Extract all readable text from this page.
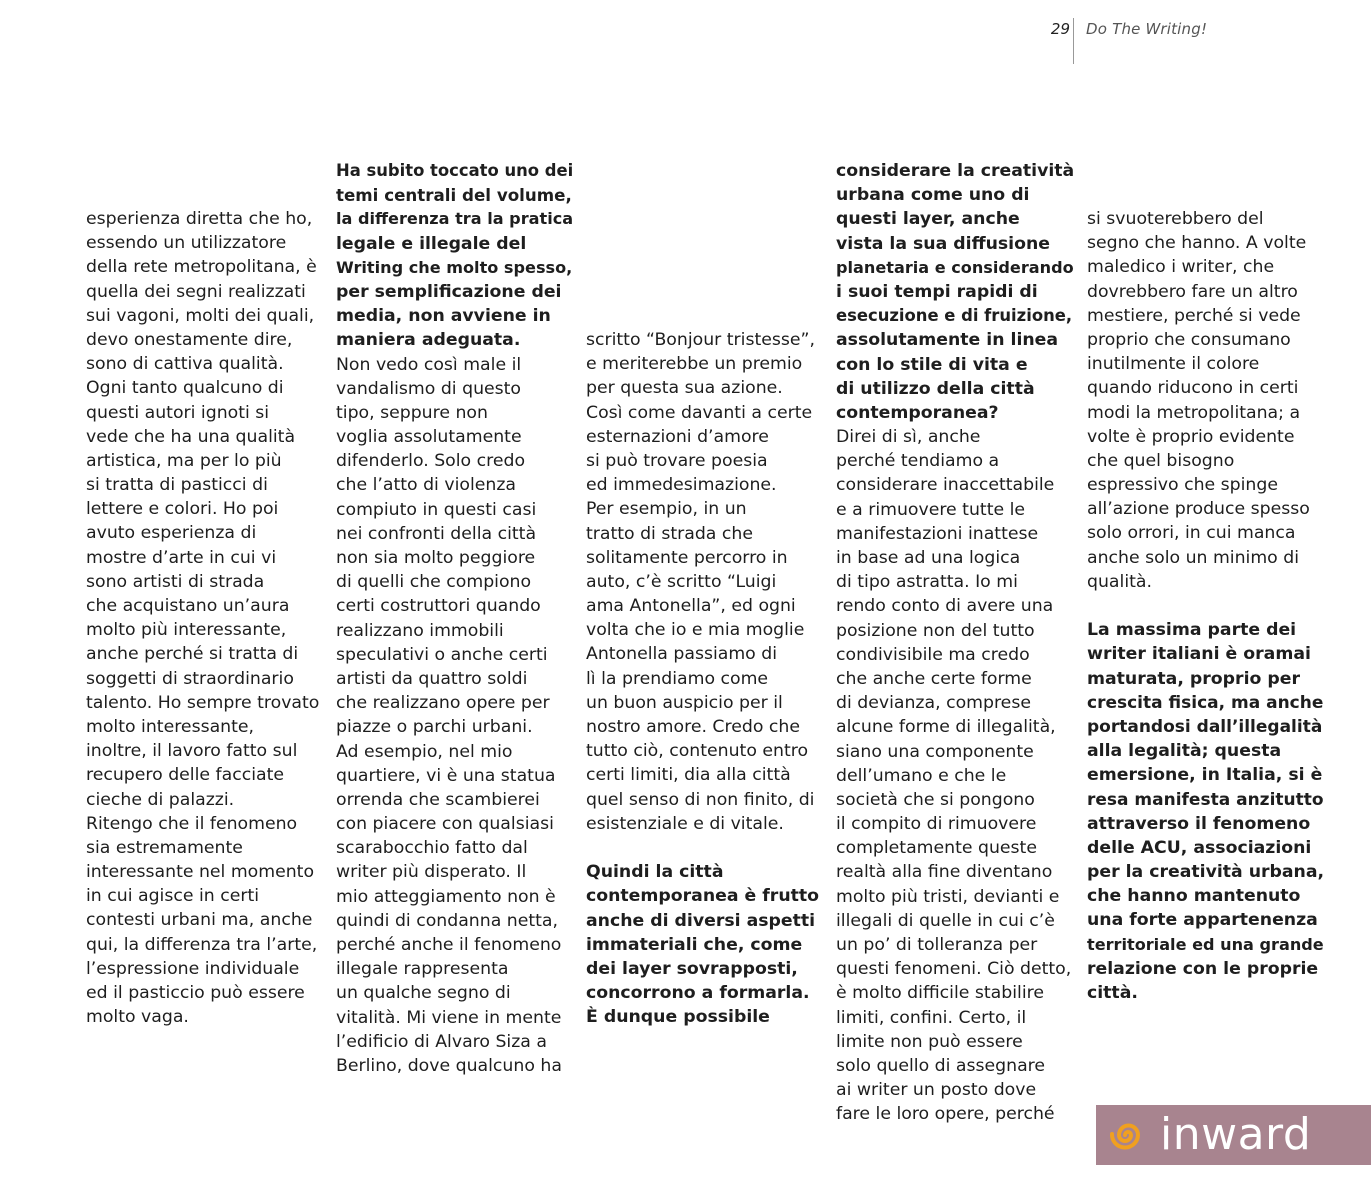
29 Do The Writing!
esperienza diretta che ho,
essendo un utilizzatore
della rete metropolitana, è
quella dei segni realizzati
sui vagoni, molti dei quali,
devo onestamente dire,
sono di cattiva qualità.
Ogni tanto qualcuno di
questi autori ignoti si
vede che ha una qualità
artistica, ma per lo più
si tratta di pasticci di
lettere e colori. Ho poi
avuto esperienza di
mostre d’arte in cui vi
sono artisti di strada
che acquistano un’aura
molto più interessante,
anche perché si tratta di
soggetti di straordinario
talento. Ho sempre trovato
molto interessante,
inoltre, il lavoro fatto sul
recupero delle facciate
cieche di palazzi.
Ritengo che il fenomeno
sia estremamente
interessante nel momento
in cui agisce in certi
contesti urbani ma, anche
qui, la differenza tra l’arte,
l’espressione individuale
ed il pasticcio può essere
molto vaga.
Ha subito toccato uno dei
temi centrali del volume,
la differenza tra la pratica
legale e illegale del
Writing che molto spesso,
per semplificazione dei
media, non avviene in
maniera adeguata.
Non vedo così male il
vandalismo di questo
tipo, seppure non
voglia assolutamente
difenderlo. Solo credo
che l’atto di violenza
compiuto in questi casi
nei confronti della città
non sia molto peggiore
di quelli che compiono
certi costruttori quando
realizzano immobili
speculativi o anche certi
artisti da quattro soldi
che realizzano opere per
piazze o parchi urbani.
Ad esempio, nel mio
quartiere, vi è una statua
orrenda che scambierei
con piacere con qualsiasi
scarabocchio fatto dal
writer più disperato. Il
mio atteggiamento non è
quindi di condanna netta,
perché anche il fenomeno
illegale rappresenta
un qualche segno di
vitalità. Mi viene in mente
l’edificio di Alvaro Siza a
Berlino, dove qualcuno ha
scritto “Bonjour tristesse”,
e meriterebbe un premio
per questa sua azione.
Così come davanti a certe
esternazioni d’amore
si può trovare poesia
ed immedesimazione.
Per esempio, in un
tratto di strada che
solitamente percorro in
auto, c’è scritto “Luigi
ama Antonella”, ed ogni
volta che io e mia moglie
Antonella passiamo di
lì la prendiamo come
un buon auspicio per il
nostro amore. Credo che
tutto ciò, contenuto entro
certi limiti, dia alla città
quel senso di non finito, di
esistenziale e di vitale.
Quindi la città
contemporanea è frutto
anche di diversi aspetti
immateriali che, come
dei layer sovrapposti,
concorrono a formarla.
È dunque possibile
considerare la creatività
urbana come uno di
questi layer, anche
vista la sua diffusione
planetaria e considerando
i suoi tempi rapidi di
esecuzione e di fruizione,
assolutamente in linea
con lo stile di vita e
di utilizzo della città
contemporanea?
Direi di sì, anche
perché tendiamo a
considerare inaccettabile
e a rimuovere tutte le
manifestazioni inattese
in base ad una logica
di tipo astratta. Io mi
rendo conto di avere una
posizione non del tutto
condivisibile ma credo
che anche certe forme
di devianza, comprese
alcune forme di illegalità,
siano una componente
dell’umano e che le
società che si pongono
il compito di rimuovere
completamente queste
realtà alla fine diventano
molto più tristi, devianti e
illegali di quelle in cui c’è
un po’ di tolleranza per
questi fenomeni. Ciò detto,
è molto difficile stabilire
limiti, confini. Certo, il
limite non può essere
solo quello di assegnare
ai writer un posto dove
fare le loro opere, perché
si svuoterebbero del
segno che hanno. A volte
maledico i writer, che
dovrebbero fare un altro
mestiere, perché si vede
proprio che consumano
inutilmente il colore
quando riducono in certi
modi la metropolitana; a
volte è proprio evidente
che quel bisogno
espressivo che spinge
all’azione produce spesso
solo orrori, in cui manca
anche solo un minimo di
qualità.
La massima parte dei
writer italiani è oramai
maturata, proprio per
crescita fisica, ma anche
portandosi dall’illegalità
alla legalità; questa
emersione, in Italia, si è
resa manifesta anzitutto
attraverso il fenomeno
delle ACU, associazioni
per la creatività urbana,
che hanno mantenuto
una forte appartenenza
territoriale ed una grande
relazione con le proprie
città.
inward
